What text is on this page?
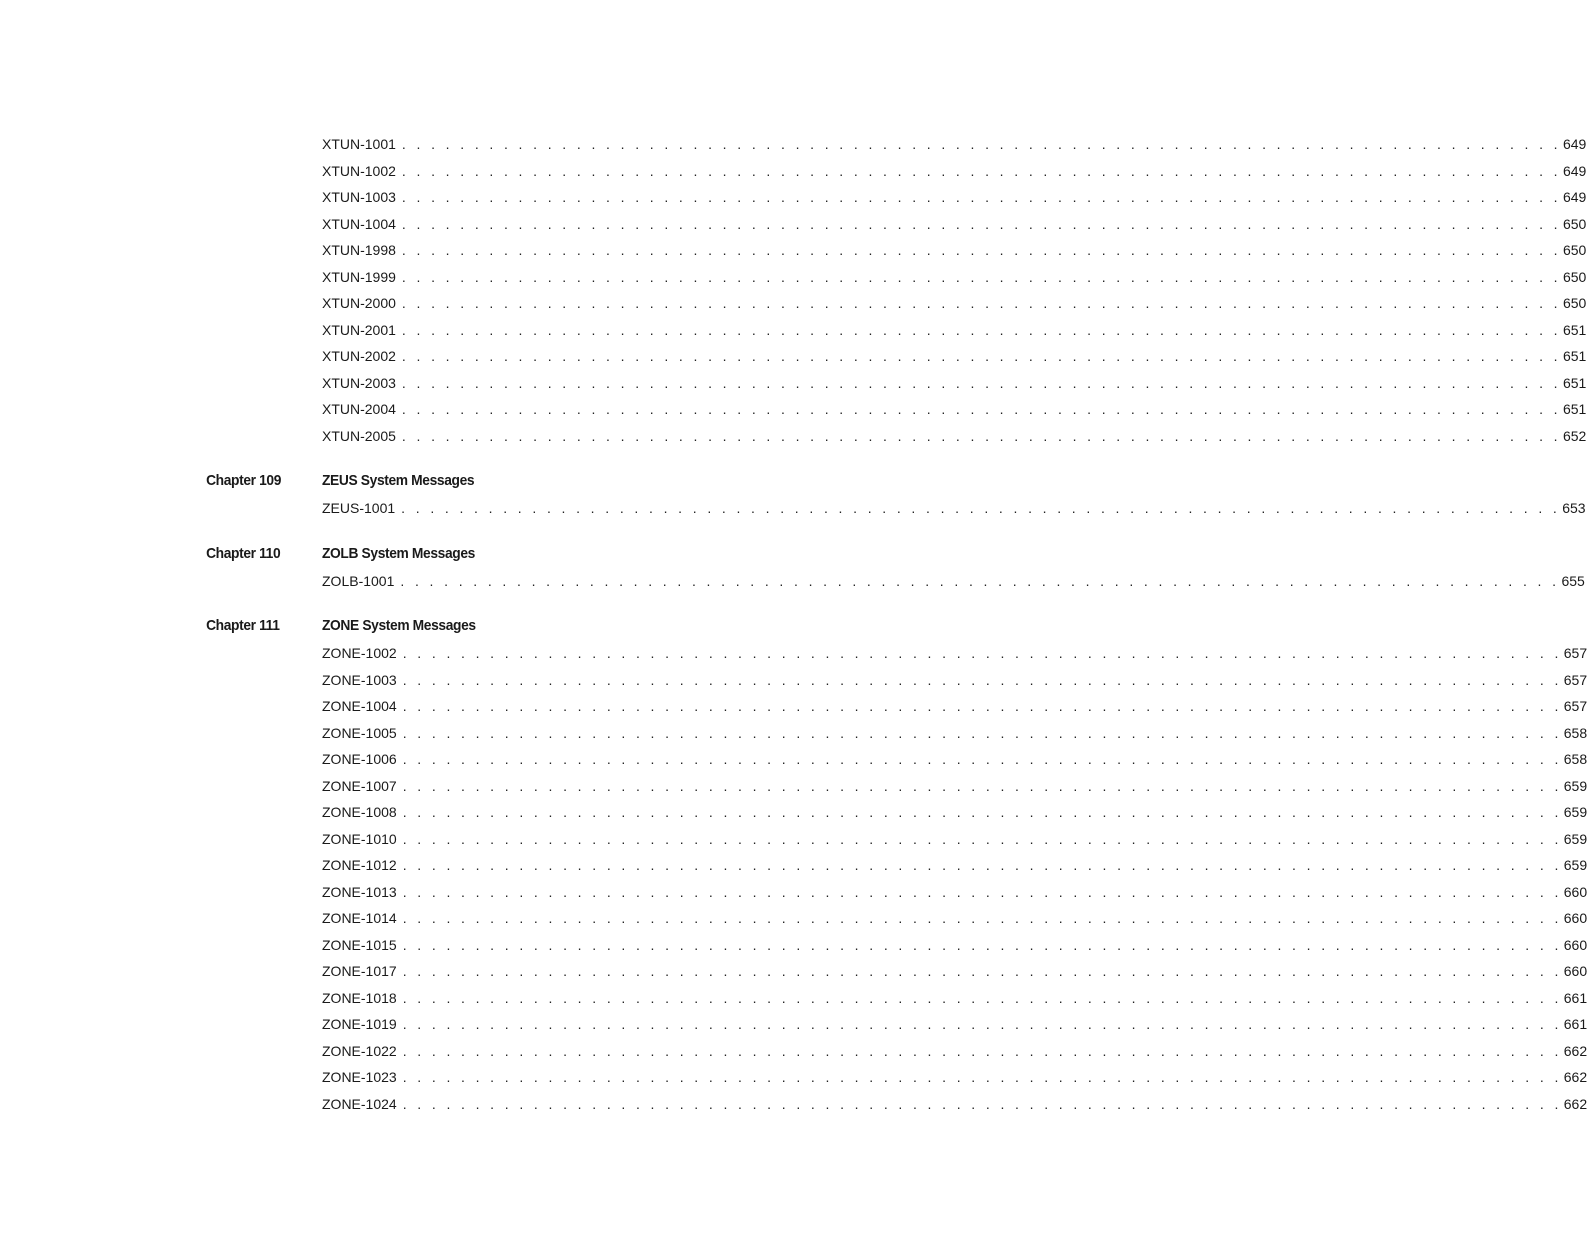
XTUN-1001 . . . . . . . . . . . . . . . . . . . . . . . . . . . . . . . . . . . . . . . . . . . . . . . . . . . . . . . . . . . . . . . . . . . . . . . . . . . . . . . . 649
XTUN-1002 . . . . . . . . . . . . . . . . . . . . . . . . . . . . . . . . . . . . . . . . . . . . . . . . . . . . . . . . . . . . . . . . . . . . . . . . . . . . . . . . 649
XTUN-1003 . . . . . . . . . . . . . . . . . . . . . . . . . . . . . . . . . . . . . . . . . . . . . . . . . . . . . . . . . . . . . . . . . . . . . . . . . . . . . . . . 649
XTUN-1004 . . . . . . . . . . . . . . . . . . . . . . . . . . . . . . . . . . . . . . . . . . . . . . . . . . . . . . . . . . . . . . . . . . . . . . . . . . . . . . . . 650
XTUN-1998 . . . . . . . . . . . . . . . . . . . . . . . . . . . . . . . . . . . . . . . . . . . . . . . . . . . . . . . . . . . . . . . . . . . . . . . . . . . . . . . . 650
XTUN-1999 . . . . . . . . . . . . . . . . . . . . . . . . . . . . . . . . . . . . . . . . . . . . . . . . . . . . . . . . . . . . . . . . . . . . . . . . . . . . . . . . 650
XTUN-2000 . . . . . . . . . . . . . . . . . . . . . . . . . . . . . . . . . . . . . . . . . . . . . . . . . . . . . . . . . . . . . . . . . . . . . . . . . . . . . . . . 650
XTUN-2001 . . . . . . . . . . . . . . . . . . . . . . . . . . . . . . . . . . . . . . . . . . . . . . . . . . . . . . . . . . . . . . . . . . . . . . . . . . . . . . . . 651
XTUN-2002 . . . . . . . . . . . . . . . . . . . . . . . . . . . . . . . . . . . . . . . . . . . . . . . . . . . . . . . . . . . . . . . . . . . . . . . . . . . . . . . . 651
XTUN-2003 . . . . . . . . . . . . . . . . . . . . . . . . . . . . . . . . . . . . . . . . . . . . . . . . . . . . . . . . . . . . . . . . . . . . . . . . . . . . . . . . 651
XTUN-2004 . . . . . . . . . . . . . . . . . . . . . . . . . . . . . . . . . . . . . . . . . . . . . . . . . . . . . . . . . . . . . . . . . . . . . . . . . . . . . . . . 651
XTUN-2005 . . . . . . . . . . . . . . . . . . . . . . . . . . . . . . . . . . . . . . . . . . . . . . . . . . . . . . . . . . . . . . . . . . . . . . . . . . . . . . . . 652
Chapter 109	ZEUS System Messages
ZEUS-1001 . . . . . . . . . . . . . . . . . . . . . . . . . . . . . . . . . . . . . . . . . . . . . . . . . . . . . . . . . . . . . . . . . . . . . . . . . . . . . . . . 653
Chapter 110	ZOLB System Messages
ZOLB-1001 . . . . . . . . . . . . . . . . . . . . . . . . . . . . . . . . . . . . . . . . . . . . . . . . . . . . . . . . . . . . . . . . . . . . . . . . . . . . . . . . 655
Chapter 111	ZONE System Messages
ZONE-1002 . . . . . . . . . . . . . . . . . . . . . . . . . . . . . . . . . . . . . . . . . . . . . . . . . . . . . . . . . . . . . . . . . . . . . . . . . . . . . . . . 657
ZONE-1003 . . . . . . . . . . . . . . . . . . . . . . . . . . . . . . . . . . . . . . . . . . . . . . . . . . . . . . . . . . . . . . . . . . . . . . . . . . . . . . . . 657
ZONE-1004 . . . . . . . . . . . . . . . . . . . . . . . . . . . . . . . . . . . . . . . . . . . . . . . . . . . . . . . . . . . . . . . . . . . . . . . . . . . . . . . . 657
ZONE-1005 . . . . . . . . . . . . . . . . . . . . . . . . . . . . . . . . . . . . . . . . . . . . . . . . . . . . . . . . . . . . . . . . . . . . . . . . . . . . . . . . 658
ZONE-1006 . . . . . . . . . . . . . . . . . . . . . . . . . . . . . . . . . . . . . . . . . . . . . . . . . . . . . . . . . . . . . . . . . . . . . . . . . . . . . . . . 658
ZONE-1007 . . . . . . . . . . . . . . . . . . . . . . . . . . . . . . . . . . . . . . . . . . . . . . . . . . . . . . . . . . . . . . . . . . . . . . . . . . . . . . . . 659
ZONE-1008 . . . . . . . . . . . . . . . . . . . . . . . . . . . . . . . . . . . . . . . . . . . . . . . . . . . . . . . . . . . . . . . . . . . . . . . . . . . . . . . . 659
ZONE-1010 . . . . . . . . . . . . . . . . . . . . . . . . . . . . . . . . . . . . . . . . . . . . . . . . . . . . . . . . . . . . . . . . . . . . . . . . . . . . . . . . 659
ZONE-1012 . . . . . . . . . . . . . . . . . . . . . . . . . . . . . . . . . . . . . . . . . . . . . . . . . . . . . . . . . . . . . . . . . . . . . . . . . . . . . . . . 659
ZONE-1013 . . . . . . . . . . . . . . . . . . . . . . . . . . . . . . . . . . . . . . . . . . . . . . . . . . . . . . . . . . . . . . . . . . . . . . . . . . . . . . . . 660
ZONE-1014 . . . . . . . . . . . . . . . . . . . . . . . . . . . . . . . . . . . . . . . . . . . . . . . . . . . . . . . . . . . . . . . . . . . . . . . . . . . . . . . . 660
ZONE-1015 . . . . . . . . . . . . . . . . . . . . . . . . . . . . . . . . . . . . . . . . . . . . . . . . . . . . . . . . . . . . . . . . . . . . . . . . . . . . . . . . 660
ZONE-1017 . . . . . . . . . . . . . . . . . . . . . . . . . . . . . . . . . . . . . . . . . . . . . . . . . . . . . . . . . . . . . . . . . . . . . . . . . . . . . . . . 660
ZONE-1018 . . . . . . . . . . . . . . . . . . . . . . . . . . . . . . . . . . . . . . . . . . . . . . . . . . . . . . . . . . . . . . . . . . . . . . . . . . . . . . . . 661
ZONE-1019 . . . . . . . . . . . . . . . . . . . . . . . . . . . . . . . . . . . . . . . . . . . . . . . . . . . . . . . . . . . . . . . . . . . . . . . . . . . . . . . . 661
ZONE-1022 . . . . . . . . . . . . . . . . . . . . . . . . . . . . . . . . . . . . . . . . . . . . . . . . . . . . . . . . . . . . . . . . . . . . . . . . . . . . . . . . 662
ZONE-1023 . . . . . . . . . . . . . . . . . . . . . . . . . . . . . . . . . . . . . . . . . . . . . . . . . . . . . . . . . . . . . . . . . . . . . . . . . . . . . . . . 662
ZONE-1024 . . . . . . . . . . . . . . . . . . . . . . . . . . . . . . . . . . . . . . . . . . . . . . . . . . . . . . . . . . . . . . . . . . . . . . . . . . . . . . . . 662
